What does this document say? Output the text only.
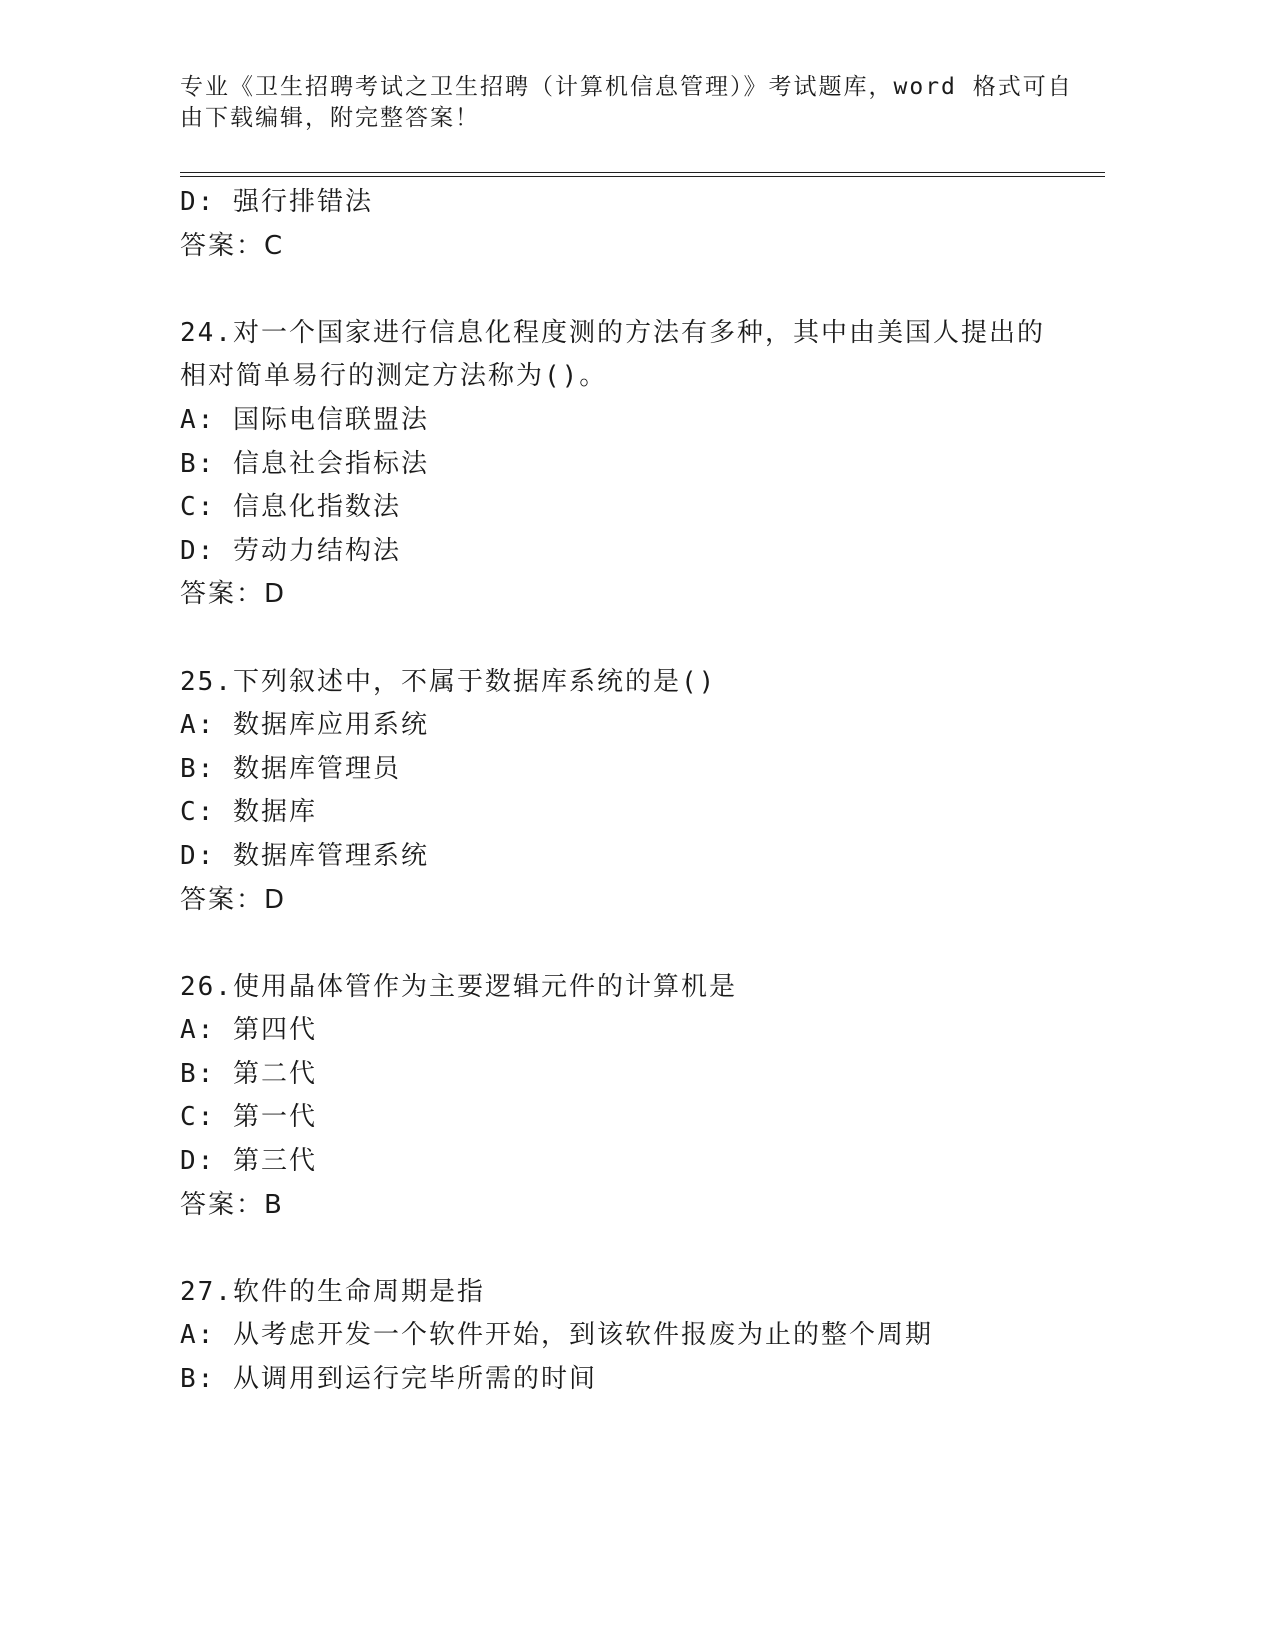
专业《卫生招聘考试之卫生招聘（计算机信息管理）》考试题库，word 格式可自
由下载编辑，附完整答案！
D: 强行排错法
答案：C
24.对一个国家进行信息化程度测的方法有多种，其中由美国人提出的
相对简单易行的测定方法称为()。
A: 国际电信联盟法
B: 信息社会指标法
C: 信息化指数法
D: 劳动力结构法
答案：D
25.下列叙述中，不属于数据库系统的是()
A: 数据库应用系统
B: 数据库管理员
C: 数据库
D: 数据库管理系统
答案：D
26.使用晶体管作为主要逻辑元件的计算机是
A: 第四代
B: 第二代
C: 第一代
D: 第三代
答案：B
27.软件的生命周期是指
A: 从考虑开发一个软件开始，到该软件报废为止的整个周期
B: 从调用到运行完毕所需的时间
